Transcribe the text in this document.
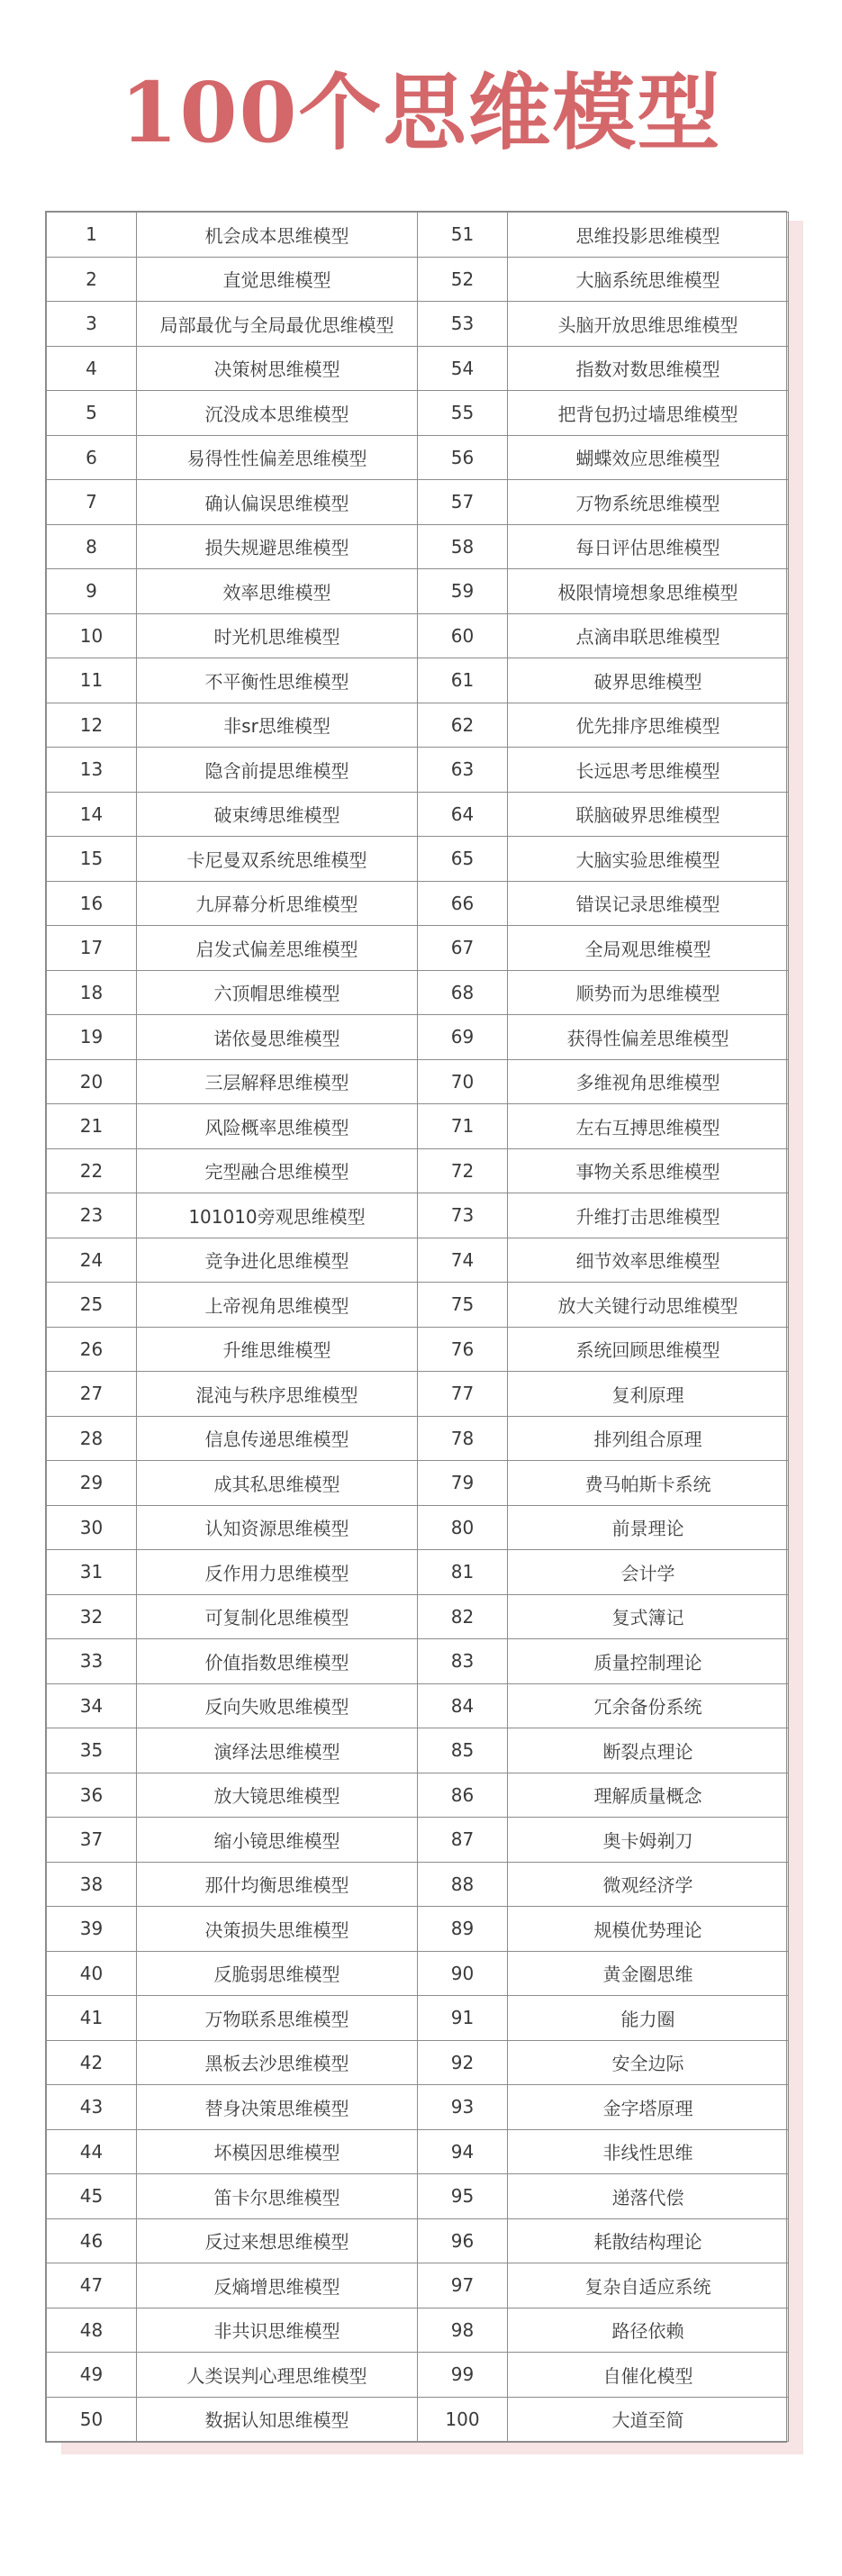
100个思维模型
1	机会成本思维模型	51	思维投影思维模型
2	直觉思维模型	52	大脑系统思维模型
3	局部最优与全局最优思维模型	53	头脑开放思维思维模型
4	决策树思维模型	54	指数对数思维模型
5	沉没成本思维模型	55	把背包扔过墙思维模型
6	易得性性偏差思维模型	56	蝴蝶效应思维模型
7	确认偏误思维模型	57	万物系统思维模型
8	损失规避思维模型	58	每日评估思维模型
9	效率思维模型	59	极限情境想象思维模型
10	时光机思维模型	60	点滴串联思维模型
11	不平衡性思维模型	61	破界思维模型
12	非sr思维模型	62	优先排序思维模型
13	隐含前提思维模型	63	长远思考思维模型
14	破束缚思维模型	64	联脑破界思维模型
15	卡尼曼双系统思维模型	65	大脑实验思维模型
16	九屏幕分析思维模型	66	错误记录思维模型
17	启发式偏差思维模型	67	全局观思维模型
18	六顶帽思维模型	68	顺势而为思维模型
19	诺依曼思维模型	69	获得性偏差思维模型
20	三层解释思维模型	70	多维视角思维模型
21	风险概率思维模型	71	左右互搏思维模型
22	完型融合思维模型	72	事物关系思维模型
23	101010旁观思维模型	73	升维打击思维模型
24	竞争进化思维模型	74	细节效率思维模型
25	上帝视角思维模型	75	放大关键行动思维模型
26	升维思维模型	76	系统回顾思维模型
27	混沌与秩序思维模型	77	复利原理
28	信息传递思维模型	78	排列组合原理
29	成其私思维模型	79	费马帕斯卡系统
30	认知资源思维模型	80	前景理论
31	反作用力思维模型	81	会计学
32	可复制化思维模型	82	复式簿记
33	价值指数思维模型	83	质量控制理论
34	反向失败思维模型	84	冗余备份系统
35	演绎法思维模型	85	断裂点理论
36	放大镜思维模型	86	理解质量概念
37	缩小镜思维模型	87	奥卡姆剃刀
38	那什均衡思维模型	88	微观经济学
39	决策损失思维模型	89	规模优势理论
40	反脆弱思维模型	90	黄金圈思维
41	万物联系思维模型	91	能力圈
42	黑板去沙思维模型	92	安全边际
43	替身决策思维模型	93	金字塔原理
44	坏模因思维模型	94	非线性思维
45	笛卡尔思维模型	95	递落代偿
46	反过来想思维模型	96	耗散结构理论
47	反熵增思维模型	97	复杂自适应系统
48	非共识思维模型	98	路径依赖
49	人类误判心理思维模型	99	自催化模型
50	数据认知思维模型	100	大道至简
